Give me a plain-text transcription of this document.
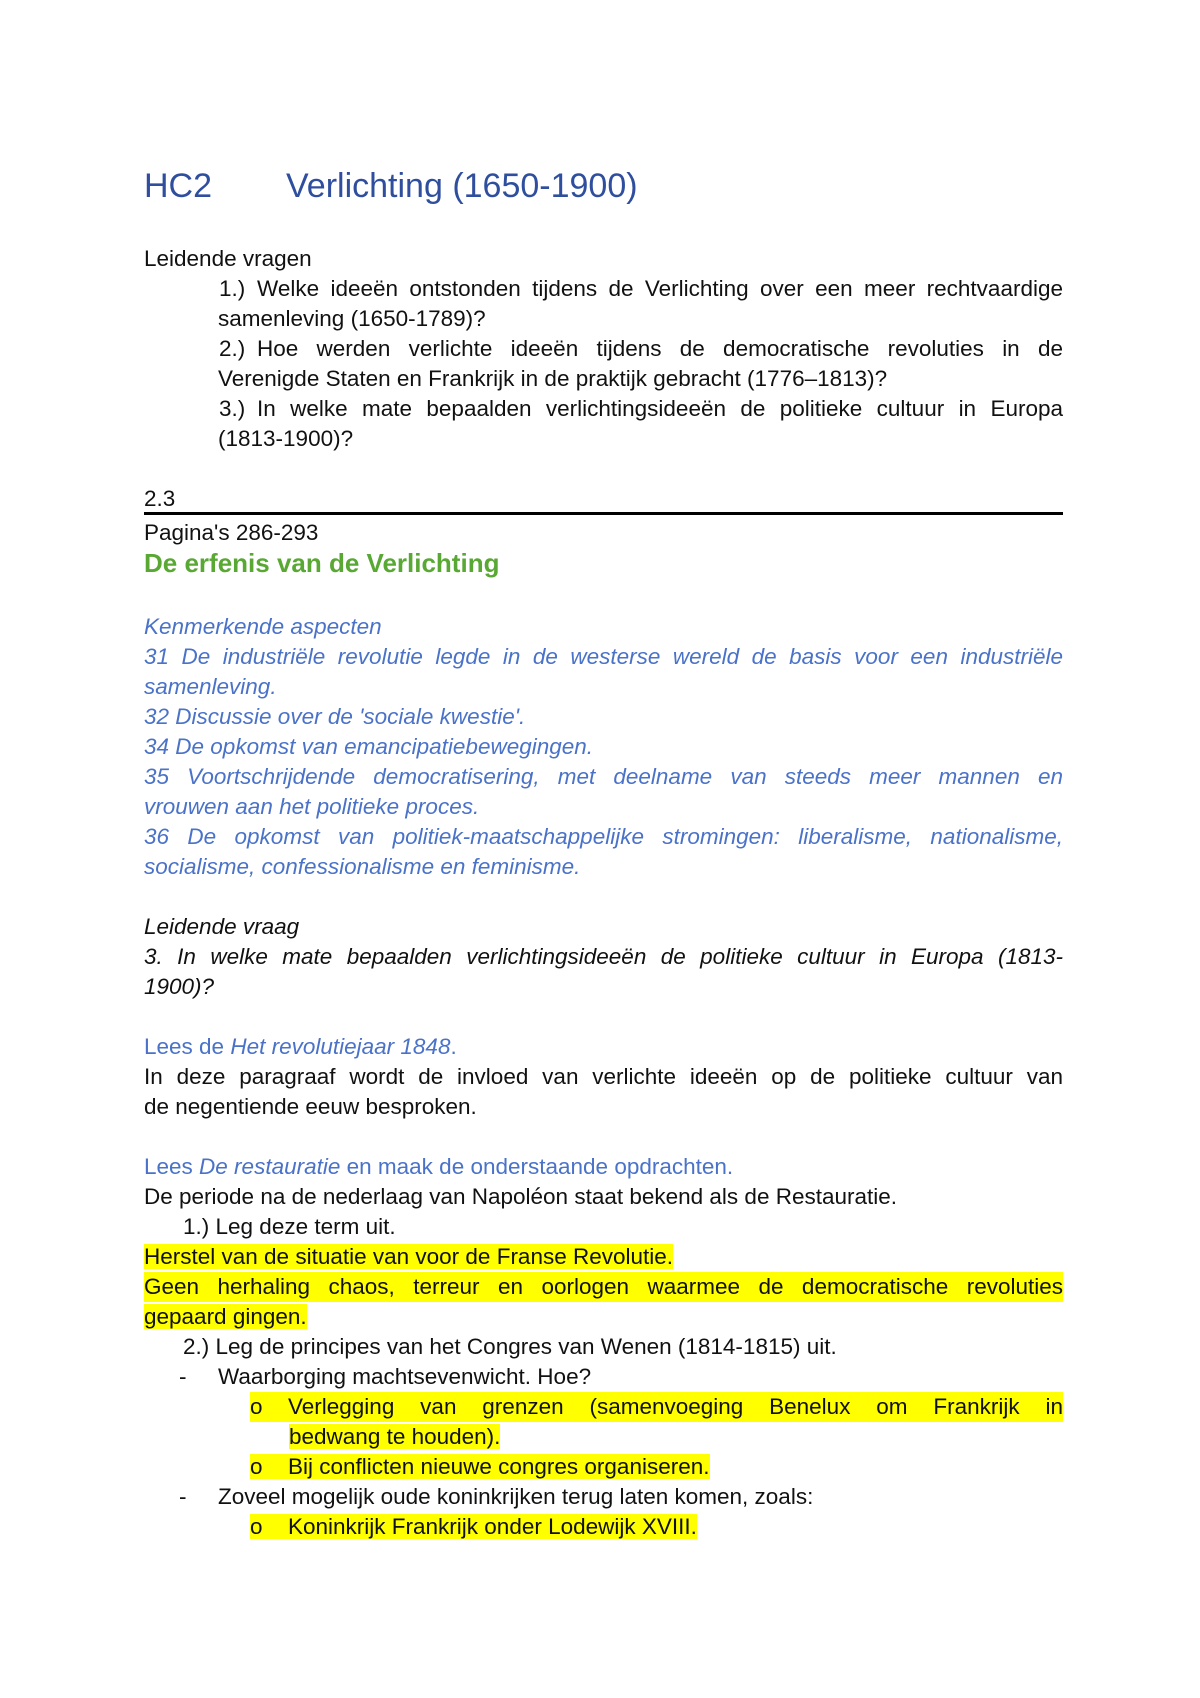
HC2 Verlichting (1650-1900)
Leidende vragen
1.) Welke ideeën ontstonden tijdens de Verlichting over een meer rechtvaardige
samenleving (1650-1789)?
2.) Hoe werden verlichte ideeën tijdens de democratische revoluties in de
Verenigde Staten en Frankrijk in de praktijk gebracht (1776–1813)?
3.) In welke mate bepaalden verlichtingsideeën de politieke cultuur in Europa
(1813-1900)?
2.3
Pagina's 286-293
De erfenis van de Verlichting
Kenmerkende aspecten
31 De industriële revolutie legde in de westerse wereld de basis voor een industriële
samenleving.
32 Discussie over de 'sociale kwestie'.
34 De opkomst van emancipatiebewegingen.
35 Voortschrijdende democratisering, met deelname van steeds meer mannen en
vrouwen aan het politieke proces.
36 De opkomst van politiek-maatschappelijke stromingen: liberalisme, nationalisme,
socialisme, confessionalisme en feminisme.
Leidende vraag
3. In welke mate bepaalden verlichtingsideeën de politieke cultuur in Europa (1813-
1900)?
Lees de Het revolutiejaar 1848.
In deze paragraaf wordt de invloed van verlichte ideeën op de politieke cultuur van
de negentiende eeuw besproken.
Lees De restauratie en maak de onderstaande opdrachten.
De periode na de nederlaag van Napoléon staat bekend als de Restauratie.
1.) Leg deze term uit.
Herstel van de situatie van voor de Franse Revolutie.
Geen herhaling chaos, terreur en oorlogen waarmee de democratische revoluties
gepaard gingen.
2.) Leg de principes van het Congres van Wenen (1814-1815) uit.
- Waarborging machtsevenwicht. Hoe?
o	Verlegging van grenzen (samenvoeging Benelux om Frankrijk in
bedwang te houden).
o Bij conflicten nieuwe congres organiseren.
- Zoveel mogelijk oude koninkrijken terug laten komen, zoals:
o Koninkrijk Frankrijk onder Lodewijk XVIII.
